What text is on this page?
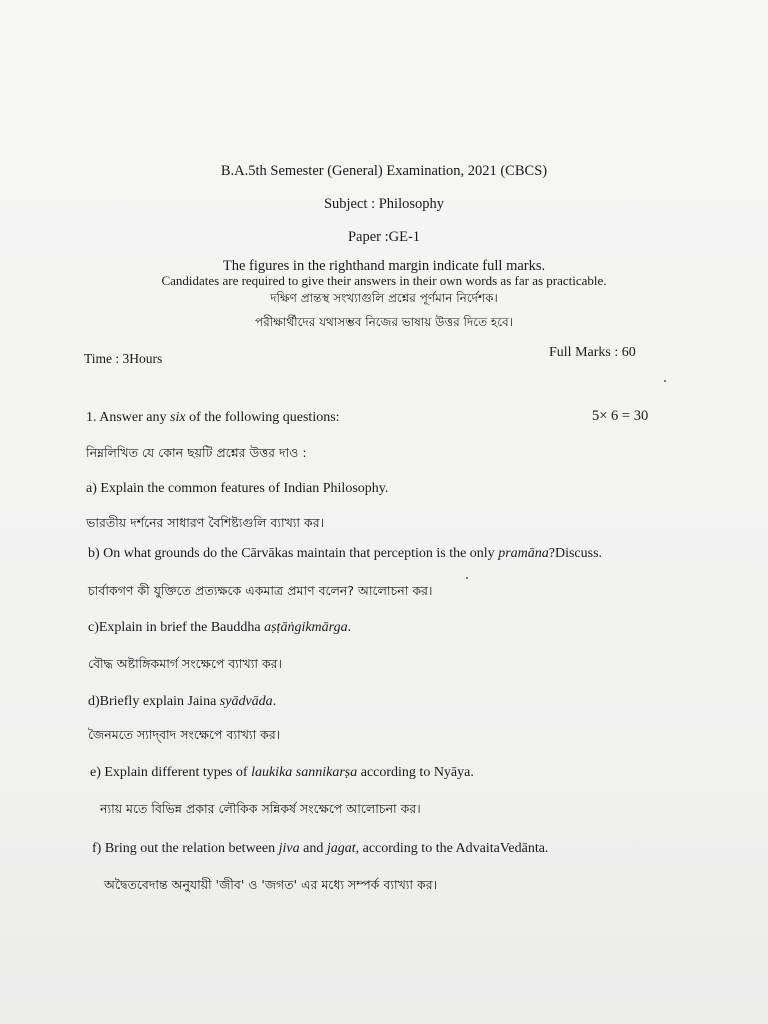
B.A.5th Semester (General) Examination, 2021 (CBCS)
Subject : Philosophy
Paper :GE-1
The figures in the righthand margin indicate full marks.
Candidates are required to give their answers in their own words as far as practicable.
দক্ষিণ প্রান্তস্থ সংখ্যাগুলি প্রশ্নের পূর্ণমান নির্দেশক।
পরীক্ষার্থীদের যথাসম্ভব নিজের ভাষায় উত্তর দিতে হবে।
Time : 3Hours	Full Marks : 60
1. Answer any six of the following questions:	5× 6 = 30
নিম্নলিখিত যে কোন ছয়টি প্রশ্নের উত্তর দাও :
a) Explain the common features of Indian Philosophy.
ভারতীয় দর্শনের সাধারণ বৈশিষ্ট্যগুলি ব্যাখ্যা কর।
b) On what grounds do the Cārvākas maintain that perception is the only pramāna?Discuss.
চার্বাকগণ কী যুক্তিতে প্রত্যক্ষকে একমাত্র প্রমাণ বলেন? আলোচনা কর।
c)Explain in brief the Bauddha aṣṭāṅgikmārga.
বৌদ্ধ অষ্টাঙ্গিকমার্গ সংক্ষেপে ব্যাখ্যা কর।
d)Briefly explain Jaina syādvāda.
জৈনমতে স্যাদ্‌বাদ সংক্ষেপে ব্যাখ্যা কর।
e) Explain different types of laukika sannikarṣa according to Nyāya.
ন্যায় মতে বিভিন্ন প্রকার লৌকিক সন্নিকর্ষ সংক্ষেপে আলোচনা কর।
f) Bring out the relation between jiva and jagat, according to the AdvaitaVedānta.
অদ্বৈতবেদান্ত অনুযায়ী 'জীব' ও 'জগত' এর মধ্যে সম্পর্ক ব্যাখ্যা কর।
